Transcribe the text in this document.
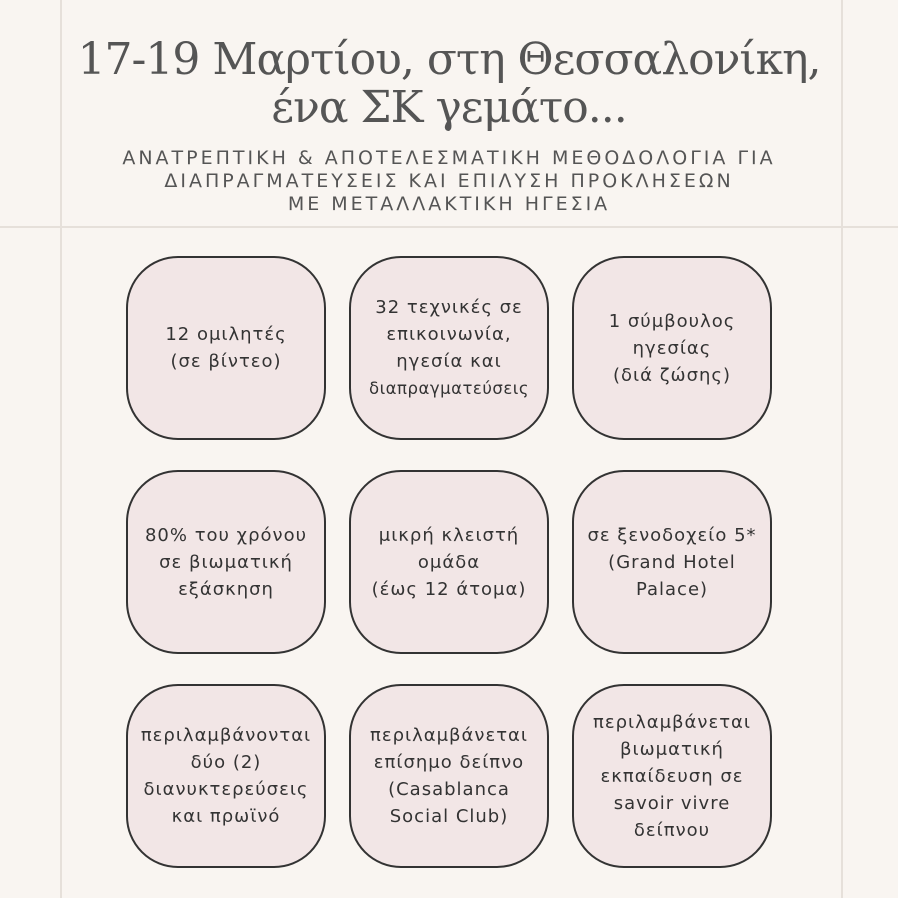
17-19 Μαρτίου, στη Θεσσαλονίκη,
ένα ΣΚ γεμάτο...
ΑΝΑΤΡΕΠΤΙΚΗ & ΑΠΟΤΕΛΕΣΜΑΤΙΚΗ ΜΕΘΟΔΟΛΟΓΙΑ ΓΙΑ
ΔΙΑΠΡΑΓΜΑΤΕΥΣΕΙΣ ΚΑΙ ΕΠΙΛΥΣΗ ΠΡΟΚΛΗΣΕΩΝ
ΜΕ ΜΕΤΑΛΛΑΚΤΙΚΗ ΗΓΕΣΙΑ
12 ομιλητές
(σε βίντεο)
32 τεχνικές σε
επικοινωνία,
ηγεσία και
διαπραγματεύσεις
1 σύμβουλος
ηγεσίας
(διά ζώσης)
80% του χρόνου
σε βιωματική
εξάσκηση
μικρή κλειστή
ομάδα
(έως 12 άτομα)
σε ξενοδοχείο 5*
(Grand Hotel
Palace)
περιλαμβάνονται
δύο (2)
διανυκτερεύσεις
και πρωϊνό
περιλαμβάνεται
επίσημο δείπνο
(Casablanca
Social Club)
περιλαμβάνεται
βιωματική
εκπαίδευση σε
savoir vivre
δείπνου
